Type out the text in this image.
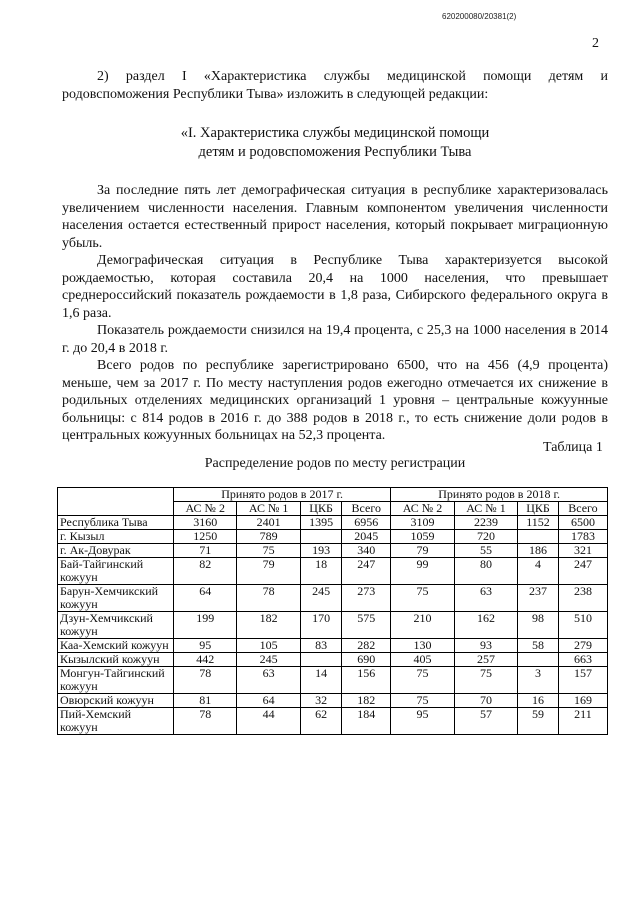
620200080/20381(2)
2

2) раздел I «Характеристика службы медицинской помощи детям и родовспоможения Республики Тыва» изложить в следующей редакции:

«I. Характеристика службы медицинской помощи
детям и родовспоможения Республики Тыва

За последние пять лет демографическая ситуация в республике характеризовалась увеличением численности населения. Главным компонентом увеличения численности населения остается естественный прирост населения, который покрывает миграционную убыль.

Демографическая ситуация в Республике Тыва характеризуется высокой рождаемостью, которая составила 20,4 на 1000 населения, что превышает среднероссийский показатель рождаемости в 1,8 раза, Сибирского федерального округа в 1,6 раза.

Показатель рождаемости снизился на 19,4 процента, с 25,3 на 1000 населения в 2014 г. до 20,4 в 2018 г.

Всего родов по республике зарегистрировано 6500, что на 456 (4,9 процента) меньше, чем за 2017 г. По месту наступления родов ежегодно отмечается их снижение в родильных отделениях медицинских организаций 1 уровня – центральные кожуунные больницы: с 814 родов в 2016 г. до 388 родов в 2018 г., то есть снижение доли родов в центральных кожуунных больницах на 52,3 процента.

Таблица 1
Распределение родов по месту регистрации
	Принято родов в 2017 г.				Принято родов в 2018 г.			
	АС № 2	АС № 1	ЦКБ	Всего	АС № 2	АС № 1	ЦКБ	Всего
Республика Тыва	3160	2401	1395	6956	3109	2239	1152	6500
г. Кызыл	1250	789		2045	1059	720		1783
г. Ак-Довурак	71	75	193	340	79	55	186	321
Бай-Тайгинский кожуун	82	79	18	247	99	80	4	247
Барун-Хемчикский кожуун	64	78	245	273	75	63	237	238
Дзун-Хемчикский кожуун	199	182	170	575	210	162	98	510
Каа-Хемский кожуун	95	105	83	282	130	93	58	279
Кызылский кожуун	442	245		690	405	257		663
Монгун-Тайгинский кожуун	78	63	14	156	75	75	3	157
Овюрский кожуун	81	64	32	182	75	70	16	169
Пий-Хемский кожуун	78	44	62	184	95	57	59	211
